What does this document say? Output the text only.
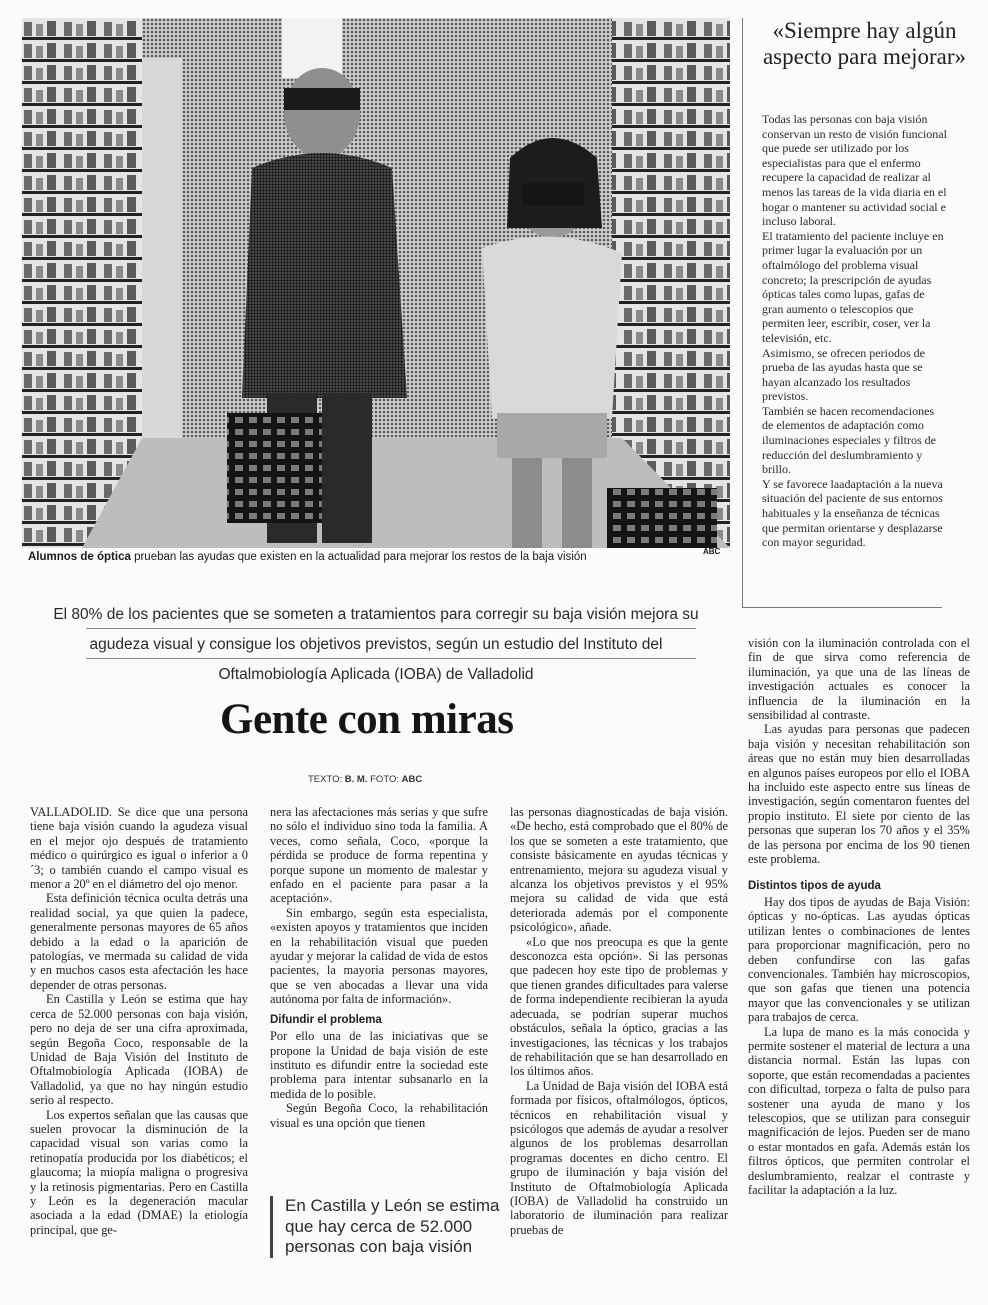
Alumnos de óptica prueban las ayudas que existen en la actualidad para mejorar los restos de la baja visión	ABC
«Siempre hay algún aspecto para mejorar»

Todas las personas con baja visión conservan un resto de visión funcional que puede ser utilizado por los especialistas para que el enfermo recupere la capacidad de realizar al menos las tareas de la vida diaria en el hogar o mantener su actividad social e incluso laboral.

El tratamiento del paciente incluye en primer lugar la evaluación por un oftalmólogo del problema visual concreto; la prescripción de ayudas ópticas tales como lupas, gafas de gran aumento o telescopios que permiten leer, escribir, coser, ver la televisión, etc.

Asimismo, se ofrecen periodos de prueba de las ayudas hasta que se hayan alcanzado los resultados previstos.

También se hacen recomendaciones de elementos de adaptación como iluminaciones especiales y filtros de reducción del deslumbramiento y brillo.

Y se favorece laadaptación a la nueva situación del paciente de sus entornos habituales y la enseñanza de técnicas que permitan orientarse y desplazarse con mayor seguridad.

El 80% de los pacientes que se someten a tratamientos para corregir su baja visión mejora su agudeza visual y consigue los objetivos previstos, según un estudio del Instituto del Oftalmobiología Aplicada (IOBA) de Valladolid
Gente con miras
TEXTO: B. M. FOTO: ABC

VALLADOLID. Se dice que una persona tiene baja visión cuando la agudeza visual en el mejor ojo después de tratamiento médico o quirúrgico es igual o inferior a 0´3; o también cuando el campo visual es menor a 20º en el diámetro del ojo menor.

Esta definición técnica oculta detrás una realidad social, ya que quien la padece, generalmente personas mayores de 65 años debido a la edad o la aparición de patologías, ve mermada su calidad de vida y en muchos casos esta afectación les hace depender de otras personas.

En Castilla y León se estima que hay cerca de 52.000 personas con baja visión, pero no deja de ser una cifra aproximada, según Begoña Coco, responsable de la Unidad de Baja Visión del Instituto de Oftalmobiología Aplicada (IOBA) de Valladolid, ya que no hay ningún estudio serio al respecto.

Los expertos señalan que las causas que suelen provocar la disminución de la capacidad visual son varias como la retinopatía producida por los diabéticos; el glaucoma; la miopía maligna o progresiva y la retinosis pigmentarias. Pero en Castilla y León es la degeneración macular asociada a la edad (DMAE) la etiología principal, que ge-

nera las afectaciones más serias y que sufre no sólo el individuo sino toda la familia. A veces, como señala, Coco, «porque la pérdida se produce de forma repentina y porque supone un momento de malestar y enfado en el paciente para pasar a la aceptación».

Sin embargo, según esta especialista, «existen apoyos y tratamientos que inciden en la rehabilitación visual que pueden ayudar y mejorar la calidad de vida de estos pacientes, la mayoria personas mayores, que se ven abocadas a llevar una vida autónoma por falta de información».

Difundir el problema

Por ello una de las iniciativas que se propone la Unidad de baja visión de este instituto es difundir entre la sociedad este problema para intentar subsanarlo en la medida de lo posible.

Según Begoña Coco, la rehabilitación visual es una opción que tienen

En Castilla y León se estima que hay cerca de 52.000 personas con baja visión

las personas diagnosticadas de baja visión. «De hecho, está comprobado que el 80% de los que se someten a este tratamiento, que consiste básicamente en ayudas técnicas y entrenamiento, mejora su agudeza visual y alcanza los objetivos previstos y el 95% mejora su calidad de vida que está deteriorada además por el componente psicológico», añade.

«Lo que nos preocupa es que la gente desconozca esta opción». Si las personas que padecen hoy este tipo de problemas y que tienen grandes dificultades para valerse de forma independiente recibieran la ayuda adecuada, se podrían superar muchos obstáculos, señala la óptico, gracias a las investigaciones, las técnicas y los trabajos de rehabilitación que se han desarrollado en los últimos años.

La Unidad de Baja visión del IOBA está formada por físicos, oftalmólogos, ópticos, técnicos en rehabilitación visual y psicólogos que además de ayudar a resolver algunos de los problemas desarrollan programas docentes en dicho centro. El grupo de iluminación y baja visión del Instituto de Oftalmobiología Aplicada (IOBA) de Valladolid ha construido un laboratorio de iluminación para realizar pruebas de

visión con la iluminación controlada con el fin de que sirva como referencia de iluminación, ya que una de las líneas de investigación actuales es conocer la influencia de la iluminación en la sensibilidad al contraste.

Las ayudas para personas que padecen baja visión y necesitan rehabilitación son áreas que no están muy bien desarrolladas en algunos países europeos por ello el IOBA ha incluido este aspecto entre sus líneas de investigación, según comentaron fuentes del propio instituto. El siete por ciento de las personas que superan los 70 años y el 35% de las persona por encima de los 90 tienen este problema.

Distintos tipos de ayuda

Hay dos tipos de ayudas de Baja Visión: ópticas y no-ópticas. Las ayudas ópticas utilizan lentes o combinaciones de lentes para proporcionar magnificación, pero no deben confundirse con las gafas convencionales. También hay microscopios, que son gafas que tienen una potencia mayor que las convencionales y se utilizan para trabajos de cerca.

La lupa de mano es la más conocida y permite sostener el material de lectura a una distancia normal. Están las lupas con soporte, que están recomendadas a pacientes con dificultad, torpeza o falta de pulso para sostener una ayuda de mano y los telescopios, que se utilizan para conseguir magnificación de lejos. Pueden ser de mano o estar montados en gafa. Además están los filtros ópticos, que permiten controlar el deslumbramiento, realzar el contraste y facilitar la adaptación a la luz.
